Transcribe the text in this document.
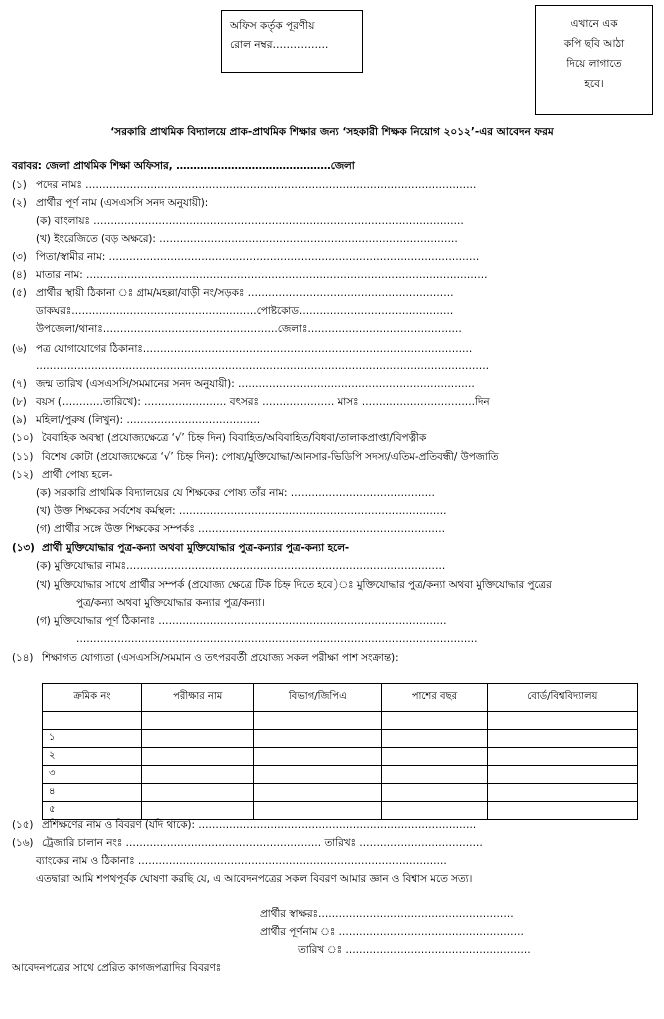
অফিস কর্তৃক পূরণীয়
রোল নম্বর…………….
এখানে এক
কপি ছবি আঠা
দিয়ে লাগাতে
হবে।
‘সরকারি প্রাথমিক বিদ্যালয়ে প্রাক-প্রাথমিক শিক্ষার জন্য ‘সহকারী শিক্ষক নিয়োগ ২০১২’-এর আবেদন ফরম
বরাবর: জেলা প্রাথমিক শিক্ষা অফিসার, ………………………………………জেলা
(১) পদের নামঃ ……………………………………………………………………………………………………
(২) প্রার্থীর পূর্ণ নাম (এসএসসি সনদ অনুযায়ী):
(ক) বাংলায়ঃ ………………………………………………………………………………………………
(খ) ইংরেজিতে (বড় অক্ষরে): ……………………………………………………………………………
(৩) পিতা/স্বামীর নাম: ………………………………………………………………………………………………
(৪) মাতার নাম: ………………………………………………………………………………………………………
(৫) প্রার্থীর স্থায়ী ঠিকানা ঃ গ্রাম/মহল্লা/বাড়ী নং/সড়কঃ ……………………………………………………
ডাকঘরঃ………………………………………………পোষ্টকোড………………………………………
উপজেলা/থানাঃ……………………………………………জেলাঃ………………………………………
(৬) পত্র যোগাযোগের ঠিকানাঃ……………………………………………………………………………………
……………………………………………………………………………………………………………………
(৭) জন্ম তারিখ (এসএসসি/সমমানের সনদ অনুযায়ী): ……………………………………………………………
(৮) বয়স (…………তারিখে): …………………… বৎসরঃ ………………… মাসঃ ……………………………দিন
(৯) মহিলা/পুরুষ (লিখুন): …………………………………
(১০) বৈবাহিক অবস্থা (প্রযোজ্যক্ষেত্রে ‘√’ চিহ্ন দিন) বিবাহিত/অবিবাহিত/বিধবা/তালাকপ্রাপ্তা/বিপত্নীক
(১১) বিশেষ কোটা (প্রযোজ্যক্ষেত্রে ‘√’ চিহ্ন দিন): পোষ্য/মুক্তিযোদ্ধা/আনসার-ভিডিপি সদস্য/এতিম-প্রতিবন্ধী/ উপজাতি
(১২) প্রার্থী পোষ্য হলে-
(ক) সরকারি প্রাথমিক বিদ্যালয়ের যে শিক্ষকের পোষ্য তাঁর নাম: ……………………………………
(খ) উক্ত শিক্ষকের সর্বশেষ কর্মস্থল: ……………………………………………………………………
(গ) প্রার্থীর সঙ্গে উক্ত শিক্ষকের সম্পর্কঃ ………………………………………………………………
(১৩) প্রার্থী মুক্তিযোদ্ধার পুত্র-কন্যা অথবা মুক্তিযোদ্ধার পুত্র-কন্যার পুত্র-কন্যা হলে-
(ক) মুক্তিযোদ্ধার নামঃ…………………………………………………………………………………
(খ) মুক্তিযোদ্ধার সাথে প্রার্থীর সম্পর্ক (প্রযোজ্য ক্ষেত্রে টিক চিহ্ন দিতে হবে)ঃ মুক্তিযোদ্ধার পুত্র/কন্যা অথবা মুক্তিযোদ্ধার পুত্রের
পুত্র/কন্যা অথবা মুক্তিযোদ্ধার কন্যার পুত্র/কন্যা।
(গ) মুক্তিযোদ্ধার পূর্ণ ঠিকানাঃ …………………………………………………………………………
………………………………………………………………………………………………………
(১৪) শিক্ষাগত যোগ্যতা (এসএসসি/সমমান ও তৎপরবর্তী প্রযোজ্য সকল পরীক্ষা পাশ সংক্রান্ত):
ক্রমিক নং	পরীক্ষার নাম	বিভাগ/জিপিএ	পাশের বছর	বোর্ড/বিশ্ববিদ্যালয়

১				
২				
৩				
৪				
৫				
(১৫) প্রশিক্ষণের নাম ও বিবরণ (যদি থাকে): ………………………………………………………………………
(১৬) ট্রেজারি চালান নংঃ ………………………………………………… তারিখঃ ………………………………
ব্যাংকের নাম ও ঠিকানাঃ ………………………………………………………………………………
এতদ্বারা আমি শপথপূর্বক ঘোষণা করছি যে, এ আবেদনপত্রের সকল বিবরণ আমার জ্ঞান ও বিশ্বাস মতে সত্য।
প্রার্থীর স্বাক্ষরঃ…………………………………………………
প্রার্থীর পূর্ণনাম ঃ ………………………………………………
তারিখ ঃ ………………………………………………
আবেদনপত্রের সাথে প্রেরিত কাগজপত্রাদির বিবরণঃ
